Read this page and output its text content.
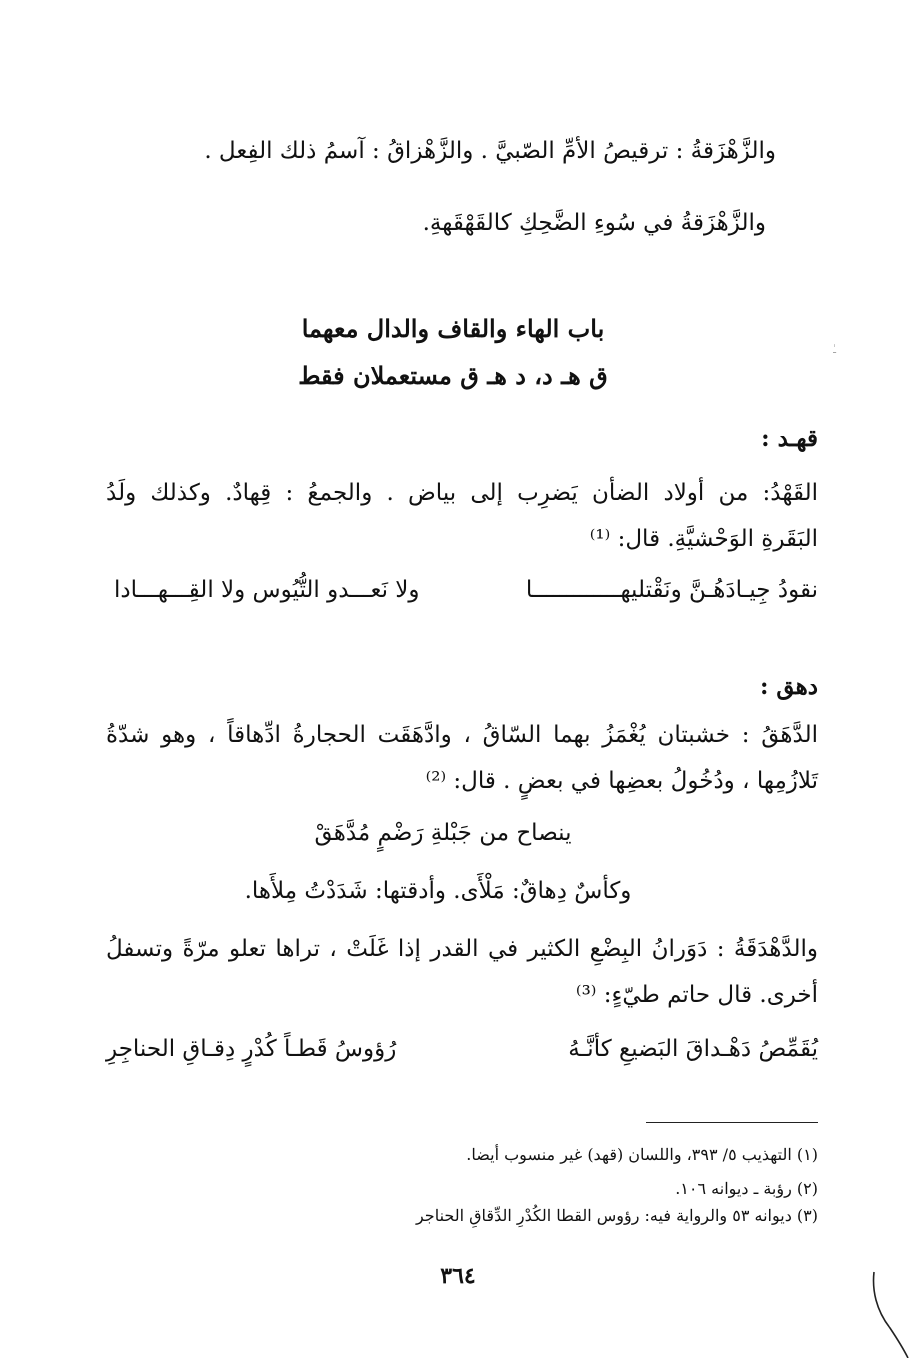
والزَّهْزَقةُ : ترقيصُ الأمِّ الصّبيَّ . والزَّهْزاقُ : آسمُ ذلك الفِعل .
والزَّهْزَقةُ في سُوءِ الضَّحِكِ كالقَهْقَهةِ.
ـٰ
باب الهاء والقاف والدال معهما
ق هـ د، د هـ ق مستعملان فقط
قهـد :
القَهْدُ: من أولاد الضأن يَضرِب إلى بياض . والجمعُ : قِهادٌ. وكذلك ولَدُ
البَقَرةِ الوَحْشيَّةِ. قال: ⁽¹⁾
نقودُ جِيـادَهُـنَّ ونَقْتليهـــــــــــــا
ولا نَعـــدو التُّيُوس ولا القِـــهـــادا
دهق :
الدَّهَقُ : خشبتان يُغْمَزُ بهما السّاقُ ، وادَّهَقَت الحجارةُ ادِّهاقاً ، وهو شدّةُ
تَلازُمِها ، ودُخُولُ بعضِها في بعضٍ . قال: ⁽²⁾
ينصاح من جَبْلةِ رَضْمٍ مُدَّهَقْ
وكأسٌ دِهاقٌ: مَلْأَى. وأدقتها: شَدَدْتُ مِلأَها.
والدَّهْدَقَةُ : دَوَرانُ البِضْعِ الكثير في القدر إذا غَلَتْ ، تراها تعلو مرّةً وتسفلُ
أخرى. قال حاتم طيّءٍ: ⁽³⁾
يُقَمِّصُ دَهْـداقَ البَضيعِ كأنَّـهُ
رُؤوسُ قَطـاً كُدْرٍ دِقـاقِ الحناجِرِ
(١) التهذيب ٥/ ٣٩٣، واللسان (قهد) غير منسوب أيضا.
(٢) رؤبة ـ ديوانه ١٠٦.
(٣) ديوانه ٥٣ والرواية فيه: رؤوس القطا الكُدْرِ الدِّقاقِ الحناجر
٣٦٤
